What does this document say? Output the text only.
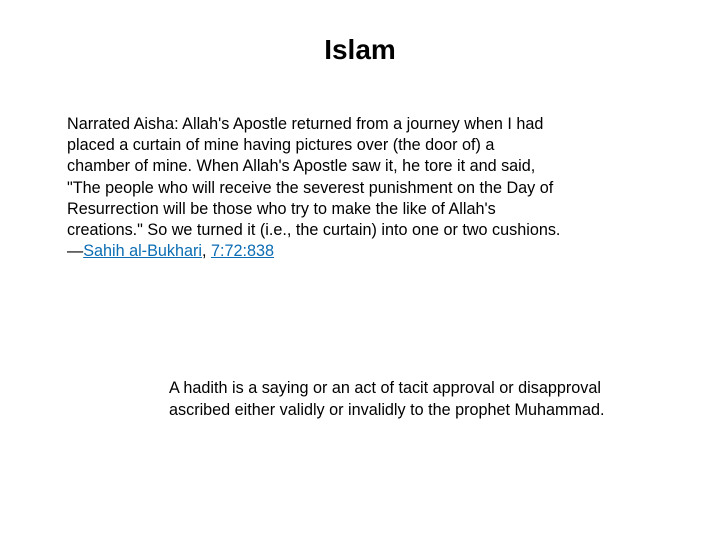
Islam

Narrated Aisha: Allah's Apostle returned from a journey when I had
placed a curtain of mine having pictures over (the door of) a
chamber of mine. When Allah's Apostle saw it, he tore it and said,
"The people who will receive the severest punishment on the Day of
Resurrection will be those who try to make the like of Allah's
creations." So we turned it (i.e., the curtain) into one or two cushions.
—Sahih al-Bukhari, 7:72:838

A hadith is a saying or an act of tacit approval or disapproval
ascribed either validly or invalidly to the prophet Muhammad.
